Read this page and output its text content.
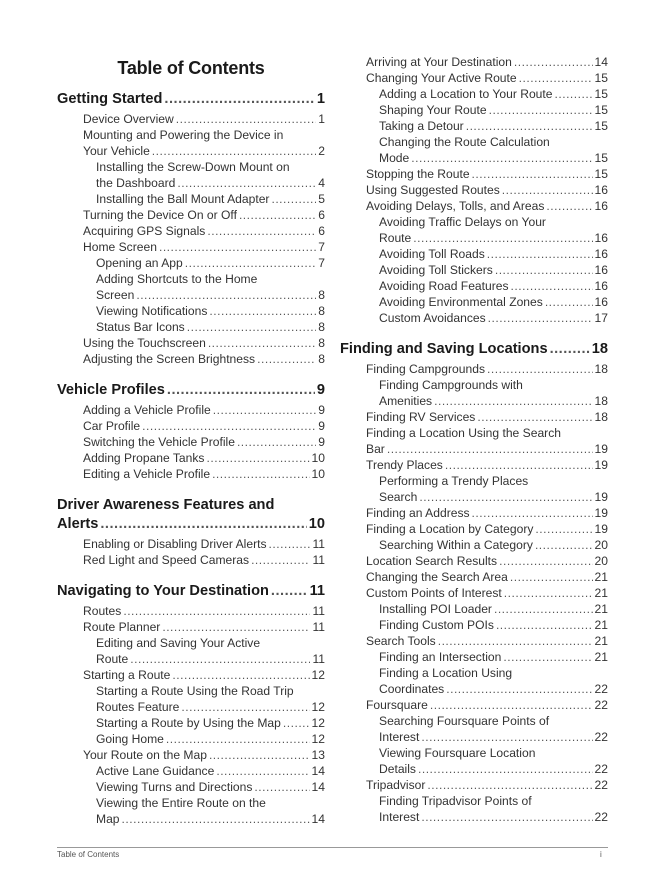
Table of Contents
Getting Started .....	1
Device Overview .....	1
Mounting and Powering the Device in
Your Vehicle .....	2
Installing the Screw-Down Mount on
the Dashboard .....	4
Installing the Ball Mount Adapter .....	5
Turning the Device On or Off .....	6
Acquiring GPS Signals .....	6
Home Screen .....	7
Opening an App .....	7
Adding Shortcuts to the Home
Screen .....	8
Viewing Notifications .....	8
Status Bar Icons .....	8
Using the Touchscreen .....	8
Adjusting the Screen Brightness .....	8
Vehicle Profiles .....	9
Adding a Vehicle Profile .....	9
Car Profile .....	9
Switching the Vehicle Profile .....	9
Adding Propane Tanks .....	10
Editing a Vehicle Profile .....	10
Driver Awareness Features and
Alerts .....	10
Enabling or Disabling Driver Alerts .....	11
Red Light and Speed Cameras .....	11
Navigating to Your Destination .....	11
Routes .....	11
Route Planner .....	11
Editing and Saving Your Active
Route .....	11
Starting a Route .....	12
Starting a Route Using the Road Trip
Routes Feature .....	12
Starting a Route by Using the Map .....	12
Going Home .....	12
Your Route on the Map .....	13
Active Lane Guidance .....	14
Viewing Turns and Directions .....	14
Viewing the Entire Route on the
Map .....	14
Arriving at Your Destination .....	14
Changing Your Active Route .....	15
Adding a Location to Your Route .....	15
Shaping Your Route .....	15
Taking a Detour .....	15
Changing the Route Calculation
Mode .....	15
Stopping the Route .....	15
Using Suggested Routes .....	16
Avoiding Delays, Tolls, and Areas .....	16
Avoiding Traffic Delays on Your
Route .....	16
Avoiding Toll Roads .....	16
Avoiding Toll Stickers .....	16
Avoiding Road Features .....	16
Avoiding Environmental Zones .....	16
Custom Avoidances .....	17
Finding and Saving Locations .....	18
Finding Campgrounds .....	18
Finding Campgrounds with
Amenities .....	18
Finding RV Services .....	18
Finding a Location Using the Search
Bar .....	19
Trendy Places .....	19
Performing a Trendy Places
Search .....	19
Finding an Address .....	19
Finding a Location by Category .....	19
Searching Within a Category .....	20
Location Search Results .....	20
Changing the Search Area .....	21
Custom Points of Interest .....	21
Installing POI Loader .....	21
Finding Custom POIs .....	21
Search Tools .....	21
Finding an Intersection .....	21
Finding a Location Using
Coordinates .....	22
Foursquare .....	22
Searching Foursquare Points of
Interest .....	22
Viewing Foursquare Location
Details .....	22
Tripadvisor .....	22
Finding Tripadvisor Points of
Interest .....	22
Table of Contents	i
